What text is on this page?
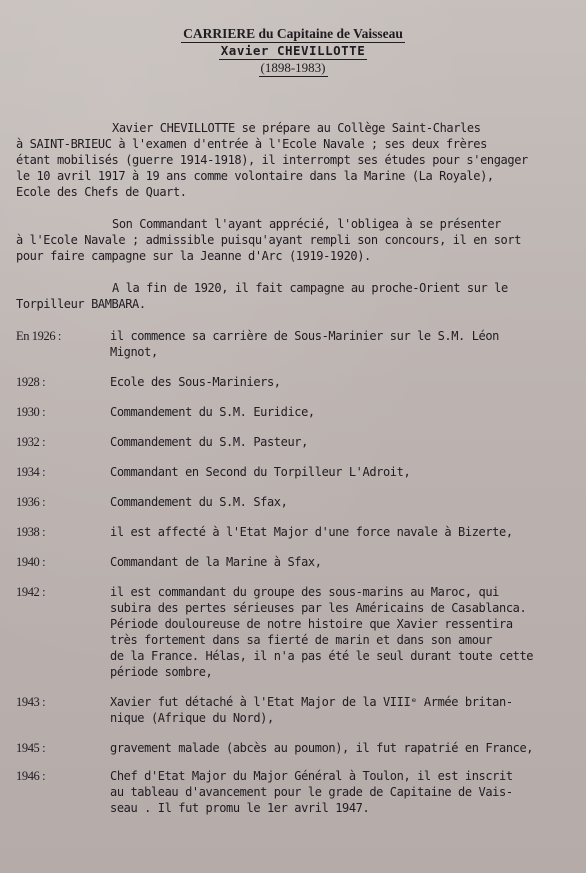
CARRIERE du Capitaine de Vaisseau
Xavier CHEVILLOTTE
(1898-1983)
Xavier CHEVILLOTTE se prépare au Collège Saint-Charles
à SAINT-BRIEUC à l'examen d'entrée à l'Ecole Navale ; ses deux frères
étant mobilisés (guerre 1914-1918), il interrompt ses études pour s'engager
le 10 avril 1917 à 19 ans comme volontaire dans la Marine (La Royale),
Ecole des Chefs de Quart.
Son Commandant l'ayant apprécié, l'obligea à se présenter
à l'Ecole Navale ; admissible puisqu'ayant rempli son concours, il en sort
pour faire campagne sur la Jeanne d'Arc (1919-1920).
A la fin de 1920, il fait campagne au proche-Orient sur le
Torpilleur BAMBARA.
En 1926 :	il commence sa carrière de Sous-Marinier sur le S.M. Léon
Mignot,
1928 :	Ecole des Sous-Mariniers,
1930 :	Commandement du S.M. Euridice,
1932 :	Commandement du S.M. Pasteur,
1934 :	Commandant en Second du Torpilleur L'Adroit,
1936 :	Commandement du S.M. Sfax,
1938 :	il est affecté à l'Etat Major d'une force navale à Bizerte,
1940 :	Commandant de la Marine à Sfax,
1942 :	il est commandant du groupe des sous-marins au Maroc, qui
subira des pertes sérieuses par les Américains de Casablanca.
Période douloureuse de notre histoire que Xavier ressentira
très fortement dans sa fierté de marin et dans son amour
de la France. Hélas, il n'a pas été le seul durant toute cette
période sombre,
1943 :	Xavier fut détaché à l'Etat Major de la VIIIᵉ Armée britan-
nique (Afrique du Nord),
1945 :	gravement malade (abcès au poumon), il fut rapatrié en France,
1946 :	Chef d'Etat Major du Major Général à Toulon, il est inscrit
au tableau d'avancement pour le grade de Capitaine de Vais-
seau . Il fut promu le 1er avril 1947.
